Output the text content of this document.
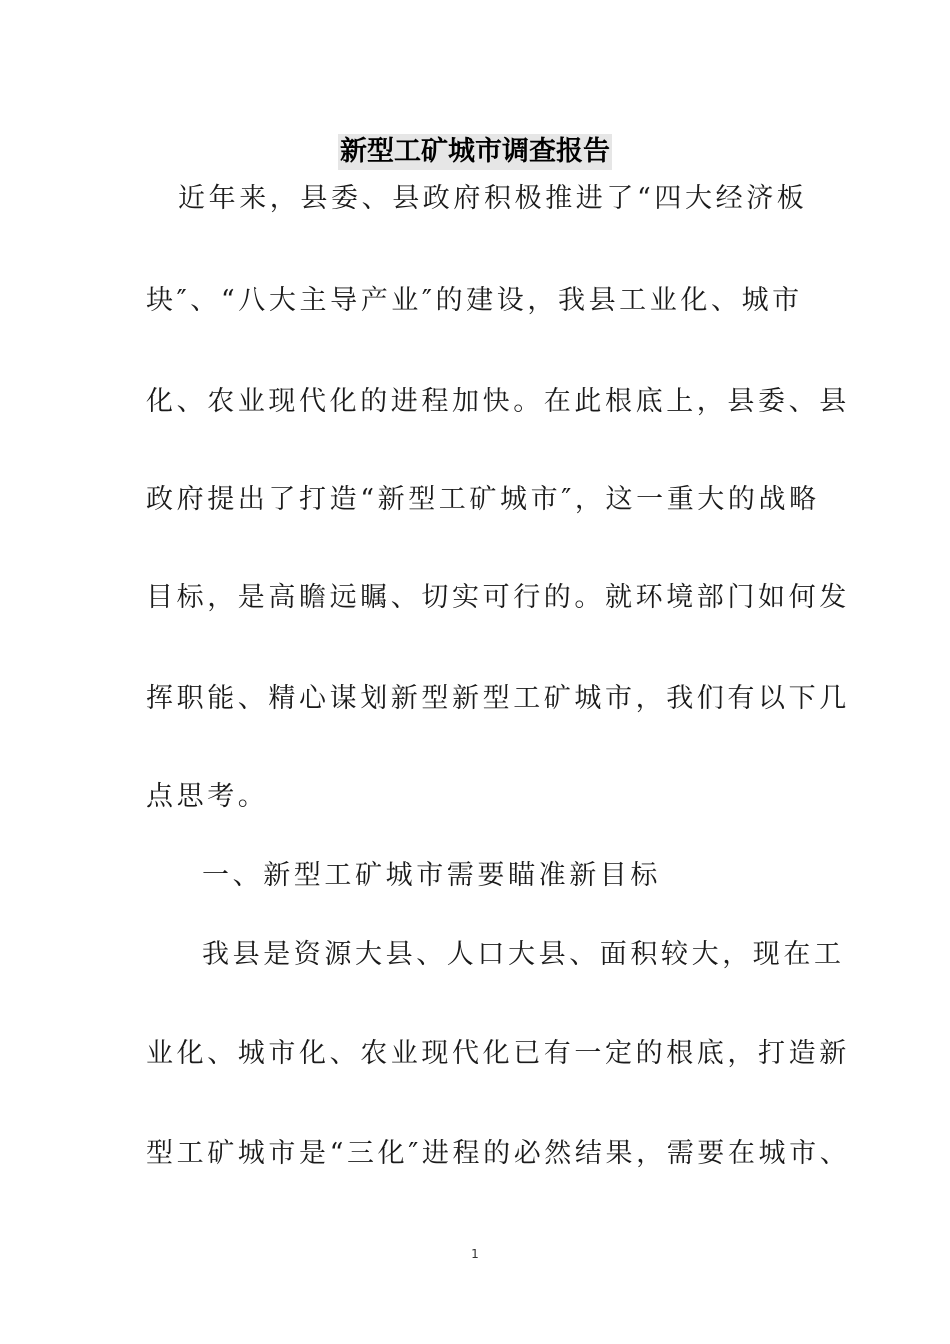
新型工矿城市调查报告

近年来，县委、县政府积极推进了“四大经济板

块″、“八大主导产业″的建设，我县工业化、城市

化、农业现代化的进程加快。在此根底上，县委、县

政府提出了打造“新型工矿城市″，这一重大的战略

目标，是高瞻远瞩、切实可行的。就环境部门如何发

挥职能、精心谋划新型新型工矿城市，我们有以下几

点思考。

一、新型工矿城市需要瞄准新目标

我县是资源大县、人口大县、面积较大，现在工

业化、城市化、农业现代化已有一定的根底，打造新

型工矿城市是“三化″进程的必然结果，需要在城市、

1
